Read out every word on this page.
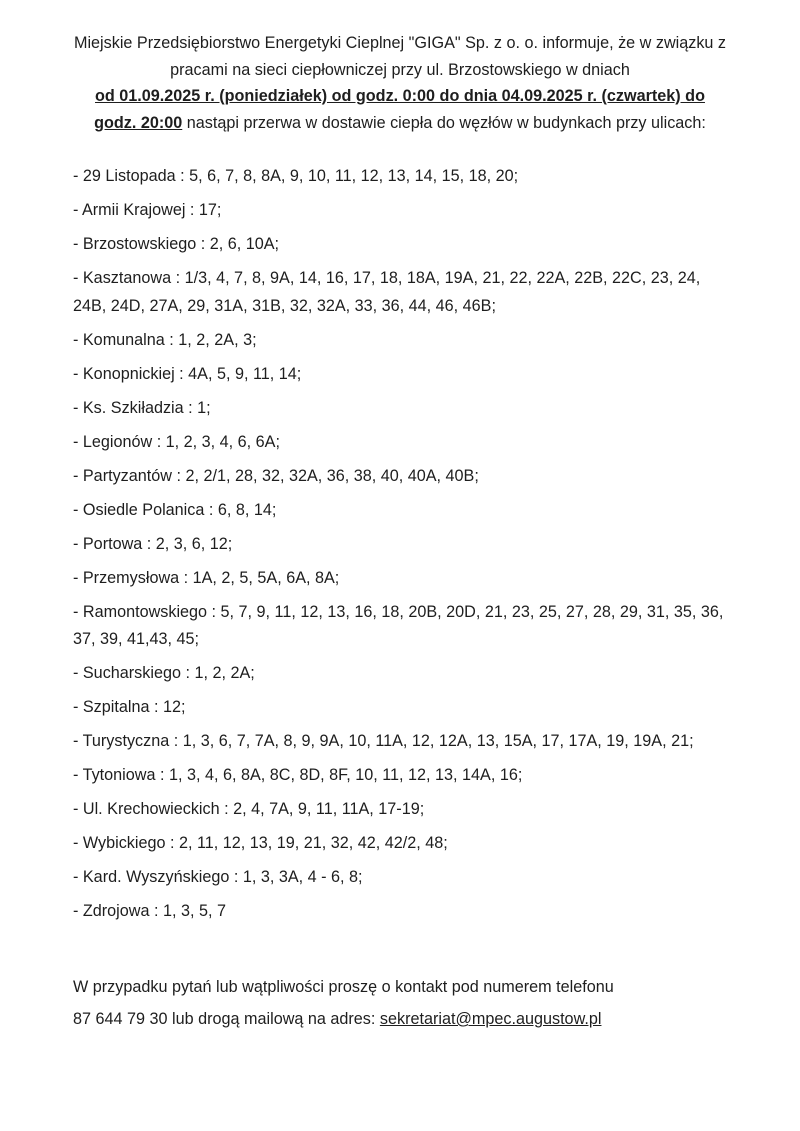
Miejskie Przedsiębiorstwo Energetyki Cieplnej "GIGA" Sp. z o. o. informuje, że w związku z pracami na sieci ciepłowniczej przy ul. Brzostowskiego w dniach
od 01.09.2025 r. (poniedziałek) od godz. 0:00 do dnia 04.09.2025 r. (czwartek) do
godz. 20:00 nastąpi przerwa w dostawie ciepła do węzłów w budynkach przy ulicach:
- 29 Listopada : 5, 6, 7, 8, 8A, 9, 10, 11, 12, 13, 14, 15, 18, 20;
- Armii Krajowej : 17;
- Brzostowskiego : 2, 6, 10A;
- Kasztanowa : 1/3, 4, 7, 8, 9A, 14, 16, 17, 18, 18A, 19A, 21, 22, 22A, 22B, 22C, 23, 24, 24B, 24D, 27A, 29, 31A, 31B, 32, 32A, 33, 36, 44, 46, 46B;
- Komunalna : 1, 2, 2A, 3;
- Konopnickiej : 4A, 5, 9, 11, 14;
- Ks. Szkiładzia : 1;
- Legionów : 1, 2, 3, 4, 6, 6A;
- Partyzantów : 2, 2/1, 28, 32, 32A, 36, 38, 40, 40A, 40B;
- Osiedle Polanica : 6, 8, 14;
- Portowa : 2, 3, 6, 12;
- Przemysłowa : 1A, 2, 5, 5A, 6A, 8A;
- Ramontowskiego : 5, 7, 9, 11, 12, 13, 16, 18, 20B, 20D, 21, 23, 25, 27, 28, 29, 31, 35, 36, 37, 39, 41,43, 45;
- Sucharskiego : 1, 2, 2A;
- Szpitalna : 12;
- Turystyczna : 1, 3, 6, 7, 7A, 8, 9, 9A, 10, 11A, 12, 12A, 13, 15A, 17, 17A, 19, 19A, 21;
- Tytoniowa : 1, 3, 4, 6, 8A, 8C, 8D, 8F, 10, 11, 12, 13, 14A, 16;
- Ul. Krechowieckich : 2, 4, 7A, 9, 11, 11A, 17-19;
- Wybickiego : 2, 11, 12, 13, 19, 21, 32, 42, 42/2, 48;
- Kard. Wyszyńskiego : 1, 3, 3A, 4 - 6, 8;
- Zdrojowa : 1, 3, 5, 7
W przypadku pytań lub wątpliwości proszę o kontakt pod numerem telefonu
87 644 79 30 lub drogą mailową na adres: sekretariat@mpec.augustow.pl
